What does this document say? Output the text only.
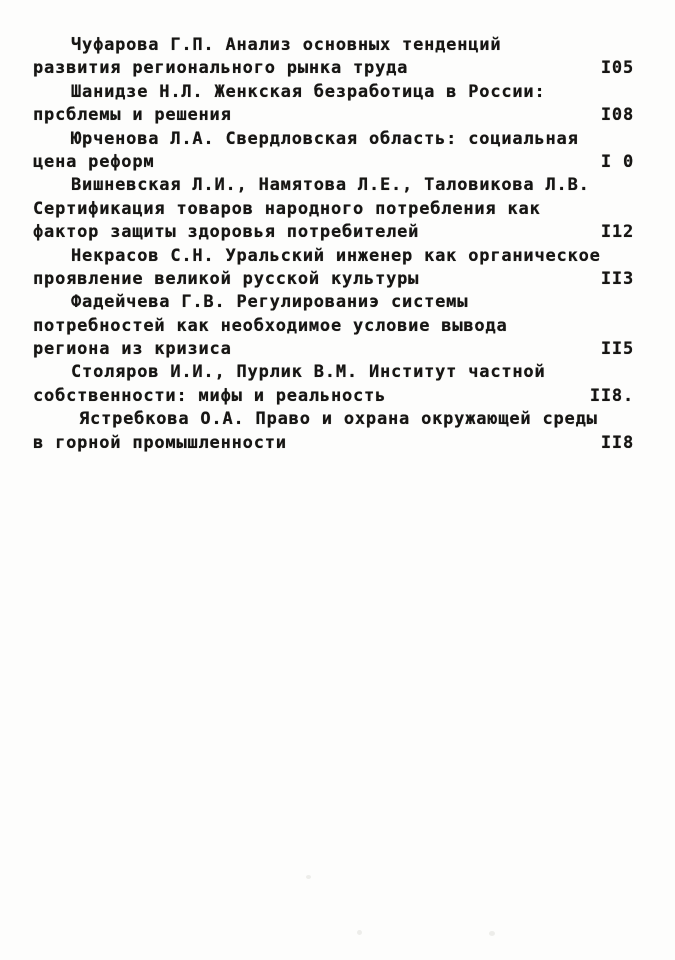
Чуфарова Г.П. Анализ основных тенденций
развития регионального рынка труда	I05
Шанидзе Н.Л. Женкская безработица в России:
прсблемы и решения	I08
Юрченова Л.А. Свердловская область: социальная
цена реформ	I 0
Вишневская Л.И., Намятова Л.Е., Таловикова Л.В.
Сертификация товаров народного потребления как
фактор защиты здоровья потребителей	I12
Некрасов С.Н. Уральский инженер как органическое
проявление великой русской культуры	II3
Фадейчева Г.В. Регулированиэ системы
потребностей как необходимое условие вывода
региона из кризиса	II5
Столяров И.И., Пурлик В.М. Институт частной
собственности: мифы и реальность	II8.
Ястребкова О.А. Право и охрана окружающей среды
в горной промышленности	II8
